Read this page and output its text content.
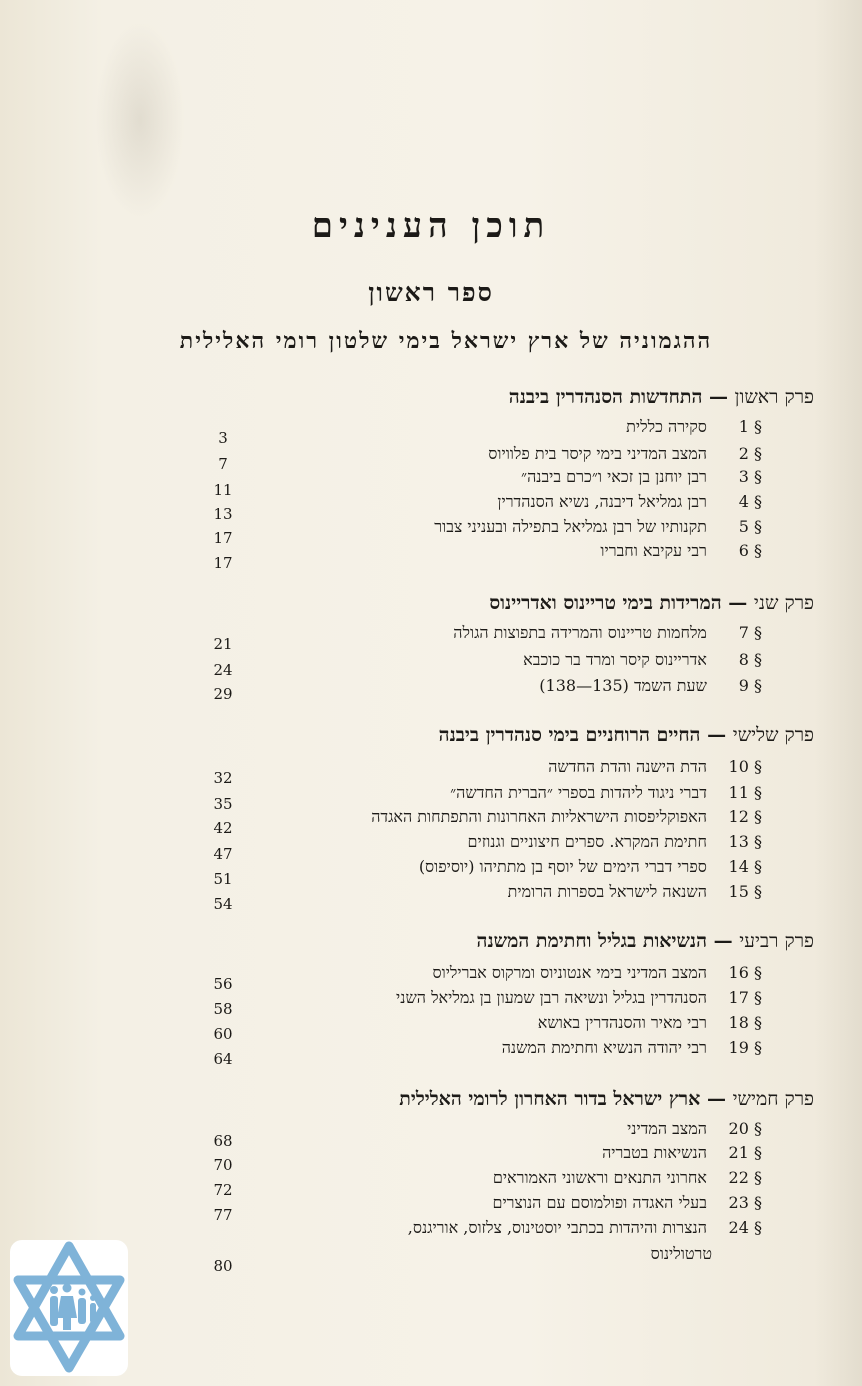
תוכן הענינים
ספר ראשון
ההגמוניה של ארץ ישראל בימי שלטון רומי האלילית
פרק ראשון — התחדשות הסנהדרין ביבנה
§ 1 סקירה כללית
§ 2 המצב המדיני בימי קיסר בית פלוויוס
§ 3 רבן יוחנן בן זכאי ו״כרם ביבנה״
§ 4 רבן גמליאל דיבנה, נשיא הסנהדרין
§ 5 תקנותיו של רבן גמליאל בתפילה ובעניני צבור
§ 6 רבי עקיבא וחבריו
3
7
11
13
17
17
פרק שני — המרידות בימי טריינוס ואדריינוס
§ 7 מלחמות טריינוס והמרידה בתפוצות הגולה
§ 8 אדריינוס קיסר ומרד בר כוכבא
§ 9 שעת השמד (135—138)
21
24
29
פרק שלישי — החיים הרוחניים בימי סנהדרין ביבנה
§ 10 הדת הישנה והדת החדשה
§ 11 דברי ניגוד ליהדות בספרי ״הברית החדשה״
§ 12 האפוקליפסות הישראליות האחרונות והתפתחות האגדה
§ 13 חתימת המקרא. ספרים חיצוניים וגנוזים
§ 14 ספרי דברי הימים של יוסף בן מתתיהו (יוסיפוס)
§ 15 השנאה לישראל בספרות הרומית
32
35
42
47
51
54
פרק רביעי — הנשיאות בגליל וחתימת המשנה
§ 16 המצב המדיני בימי אנטוניוס ומרקוס אבריליוס
§ 17 הסנהדרין בגליל ונשיאה רבן שמעון בן גמליאל השני
§ 18 רבי מאיר והסנהדרין באושא
§ 19 רבי יהודה הנשיא וחתימת המשנה
56
58
60
64
פרק חמישי — ארץ ישראל בדור האחרון לרומי האלילית
§ 20 המצב המדיני
§ 21 הנשיאות בטבריה
§ 22 אחרוני התנאים וראשוני האמוראים
§ 23 בעלי האגדה ופולמוסם עם הנוצרים
§ 24 הנצרות והיהדות בכתבי יוסטינוס, צלזוס, אוריגנס,
טרטולינוס
68
70
72
77
80
